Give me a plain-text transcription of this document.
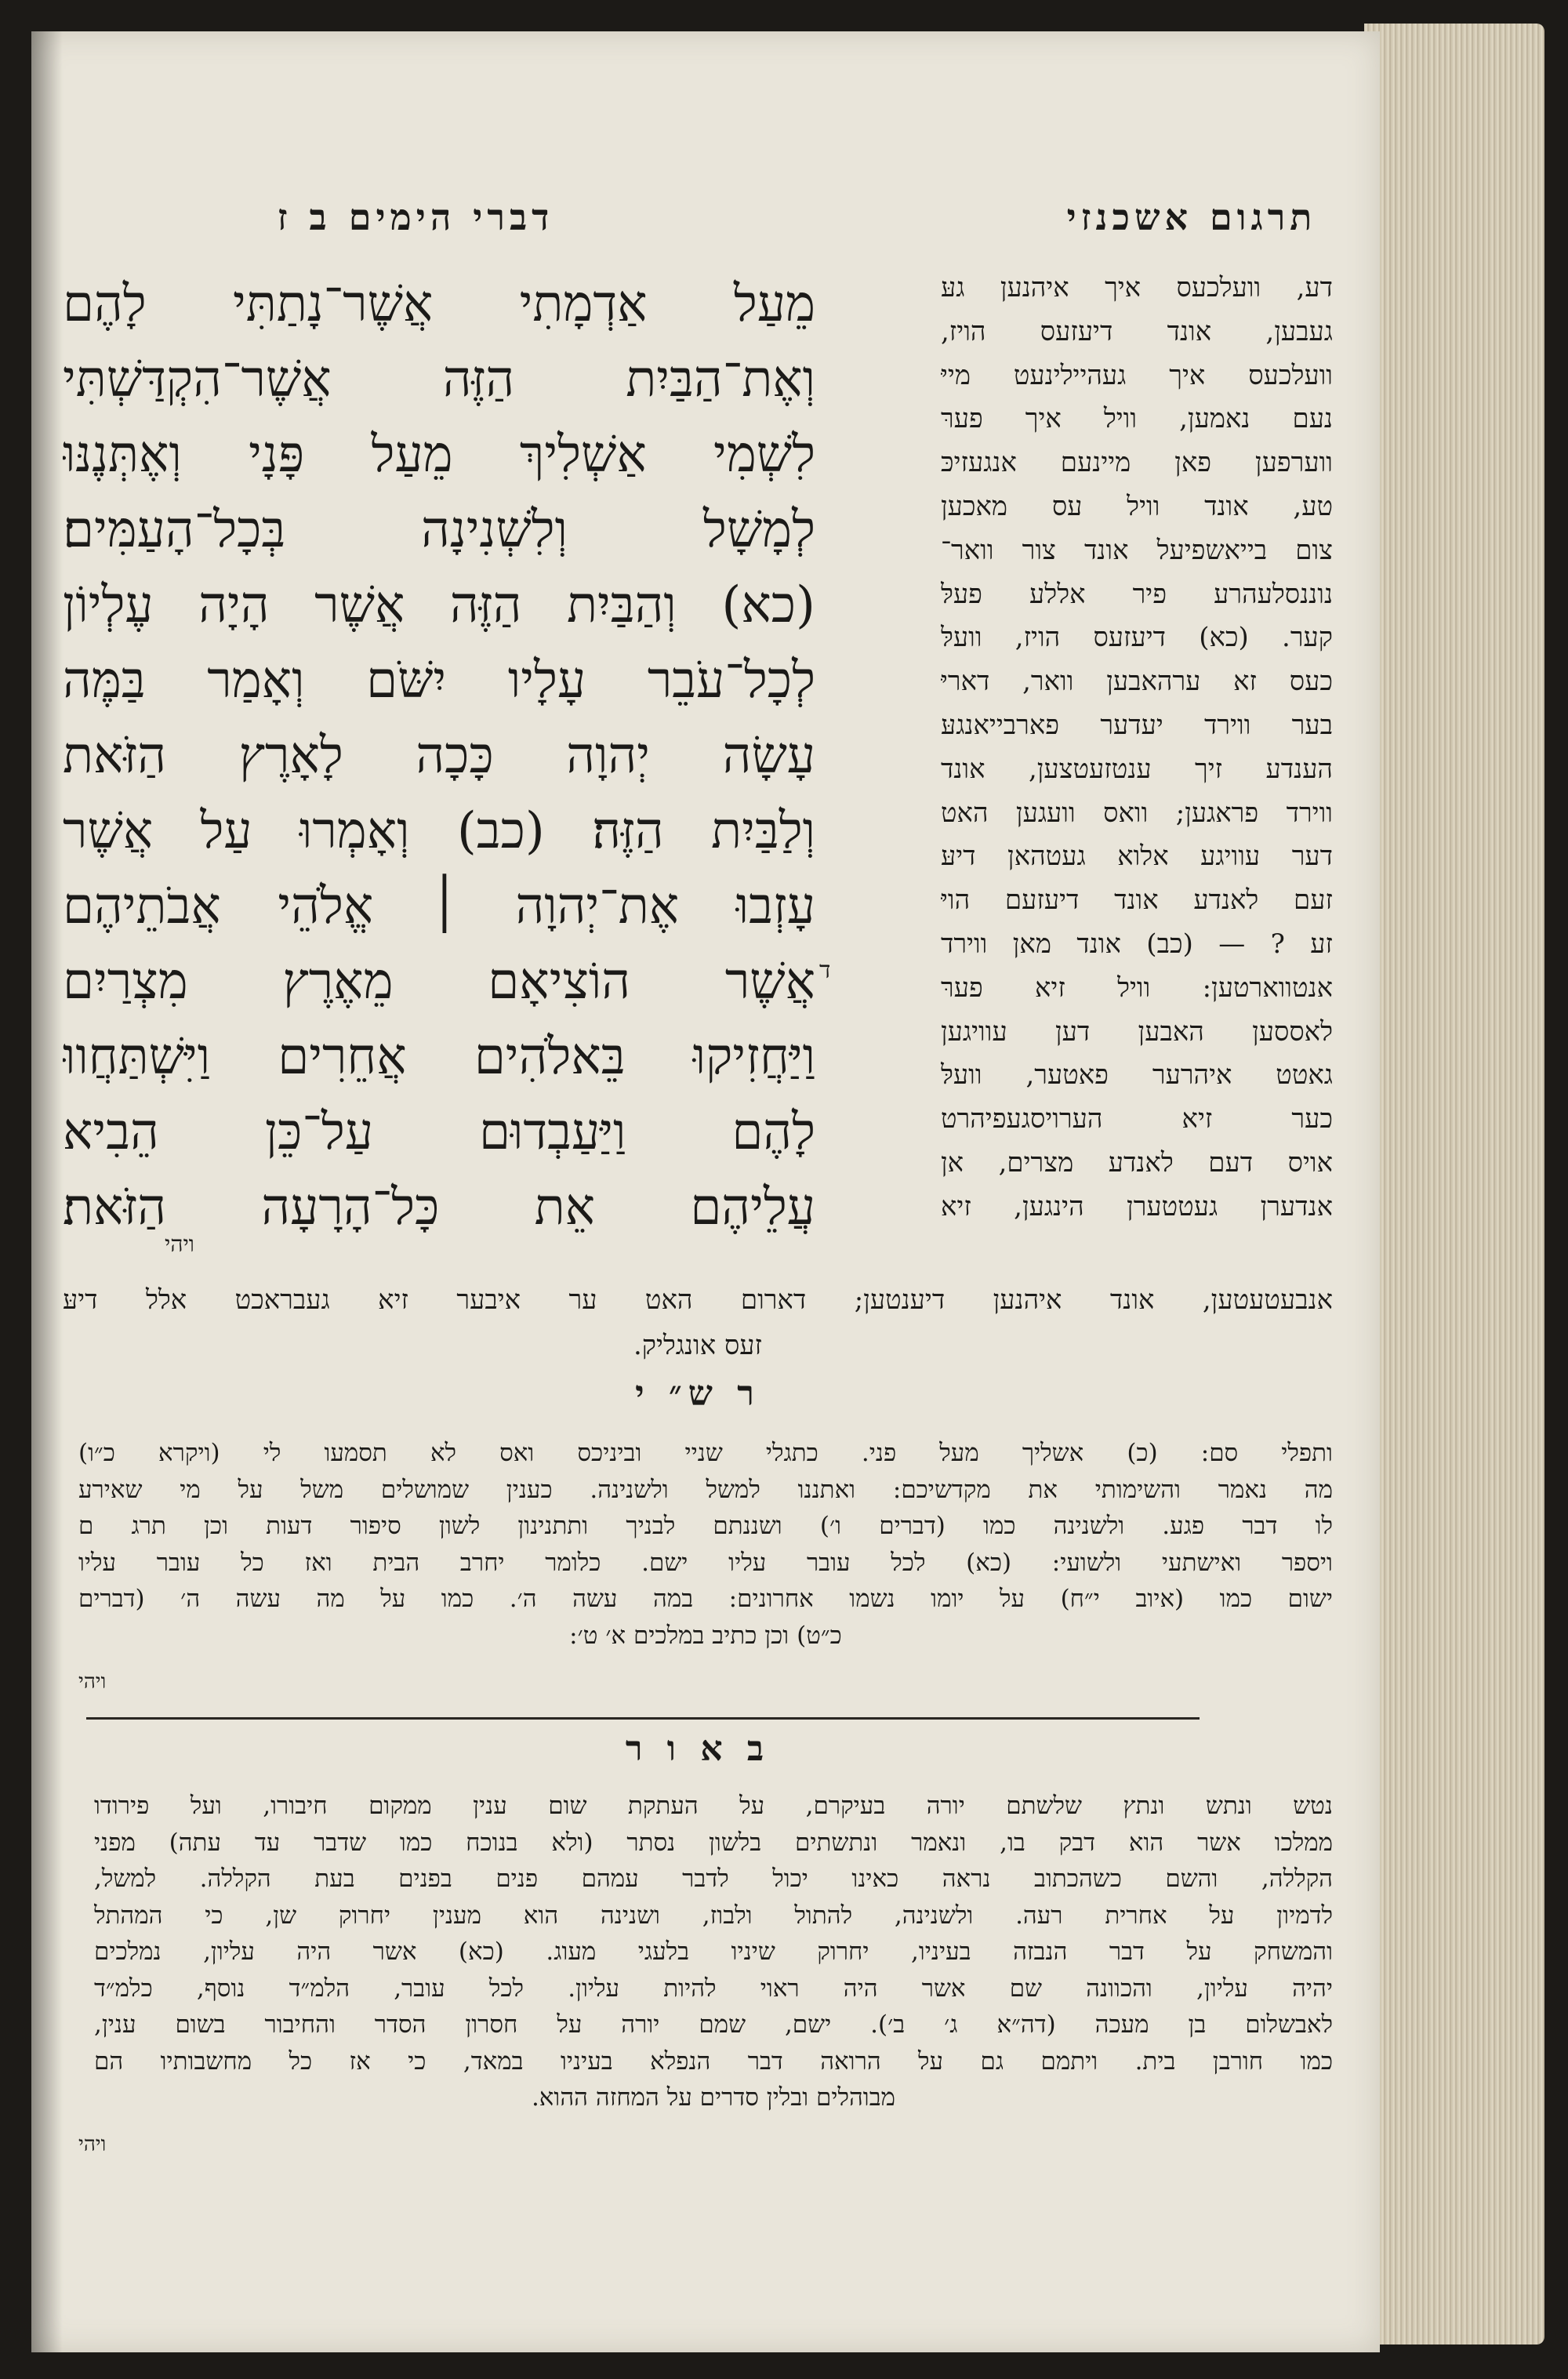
תרגום אשכנזי
דברי הימים ב ז
מֵעַל אַדְמָתִי אֲשֶׁר־נָתַתִּי לָהֶם
וְאֶת־הַבַּיִת הַזֶּה אֲשֶׁר־הִקְדַּשְׁתִּי
לִשְׁמִי אַשְׁלִיךְ מֵעַל פָּנָי וְאֶתְּנֶנּוּ
לְמָשָׁל וְלִשְׁנִינָה בְּכָל־הָעַמִּים׃
(כא) וְהַבַּיִת הַזֶּה אֲשֶׁר הָיָה עֶלְיוֹן
לְכָל־עֹבֵר עָלָיו יִשֹּׁם וְאָמַר בַּמֶּה
עָשָׂה יְהוָה כָּכָה לָאָרֶץ הַזֹּאת
וְלַבַּיִת הַזֶּה׃ (כב) וְאָמְרוּ עַל אֲשֶׁר
עָזְבוּ אֶת־יְהוָה ׀ אֱלֹהֵי אֲבֹתֵיהֶם
אֲשֶׁר הוֹצִיאָם מֵאֶרֶץ מִצְרַיִם
וַיַּחֲזִיקוּ בֵּאלֹהִים אֲחֵרִים וַיִּשְׁתַּחֲווּ
לָהֶם וַיַּעַבְדוּם עַל־כֵּן הֵבִיא
עֲלֵיהֶם אֵת כָּל־הָרָעָה הַזֹּאת׃
ד
ויהי
דע, וועלכעס איך איהנען געּ
געבען, אונד דיעזעס הויז,
וועלכעס איך געהיילינעט מייּ
נעם נאמען, וויל איך פערּ
ווערפען פאן מיינעם אנגעזיכּ
טע, אונד וויל עס מאכען
צום בייאשפיעל אונד צור וואר־
נוננסלעהרע פיר אללע פעלּ
קער. (כא) דיעזעס הויז, וועלּ
כעס זא ערהאבען וואר, דאריּ
בער ווירד יעדער פארבייאנגעּ
הענדע זיך ענטזעטצען, אונד
ווירד פראגען; וואס וועגען האט
דער עוויגע אלוא געטהאן דיעּ
זעם לאנדע אונד דיעזעם הויּ
זע ? — (כב) אונד מאן ווירד
אנטווארטען: וויל זיא פערּ
לאססען האבען דען עוויגען
גאטט איהרער פאטער, וועלּ
כער זיא הערויסגעפיהרט
אויס דעם לאנדע מצרים, אן
אנדערן געטטערן הינגען, זיא
אנבעטעטען, אונד איהנען דיענטען; דארום האט ער איבער זיא געבראכט אלל דיעּ
זעס אונגליק.
ר ש״ י
ותפלי סם: (כ) אשליך מעל פני. כתגלי שניי וביניכס ואס לא תסמעו לי (ויקרא כ״ו)
מה נאמר והשימותי את מקדשיכם: ואתננו למשל ולשנינה. כענין שמושלים משל על מי שאירע
לו דבר פגע. ולשנינה כמו (דברים ו׳) ושננתם לבניך ותתנינון לשון סיפור דעות וכן תרג ם
ויספר ואישתעי ולשועי: (כא) לכל עובר עליו ישם. כלומר יחרב הבית ואז כל עובר עליו
ישום כמו (איוב י״ח) על יומו נשמו אחרונים: במה עשה ה׳. כמו על מה עשה ה׳ (דברים
כ״ט) וכן כתיב במלכים א׳ ט׳:
ויהי
ב א ו ר
נטש ונתש ונתץ שלשתם יורה בעיקרם, על העתקת שום ענין ממקום חיבורו, ועל פירודו
ממלכו אשר הוא דבק בו, ונאמר ונתשתים בלשון נסתר (ולא בנוכח כמו שדבר עד עתה) מפני
הקללה, והשם כשהכתוב נראה כאינו יכול לדבר עמהם פנים בפנים בעת הקללה. למשל,
לדמיון על אחרית רעה. ולשנינה, להתול ולבוז, ושנינה הוא מענין יחרוק שן, כי המהתל
והמשחק על דבר הנבזה בעיניו, יחרוק שיניו בלעגי מעוג. (כא) אשר היה עליון, נמלכים
יהיה עליון, והכוונה שם אשר היה ראוי להיות עליון. לכל עובר, הלמ״ד נוסף, כלמ״ד
לאבשלום בן מעכה (דה״א ג׳ ב׳). ישם, שמם יורה על חסרון הסדר והחיבור בשום ענין,
כמו חורבן בית. ויתמם גם על הרואה דבר הנפלא בעיניו במאד, כי אז כל מחשבותיו הם
מבוהלים ובלין סדרים על המחזה ההוא.
ויהי
